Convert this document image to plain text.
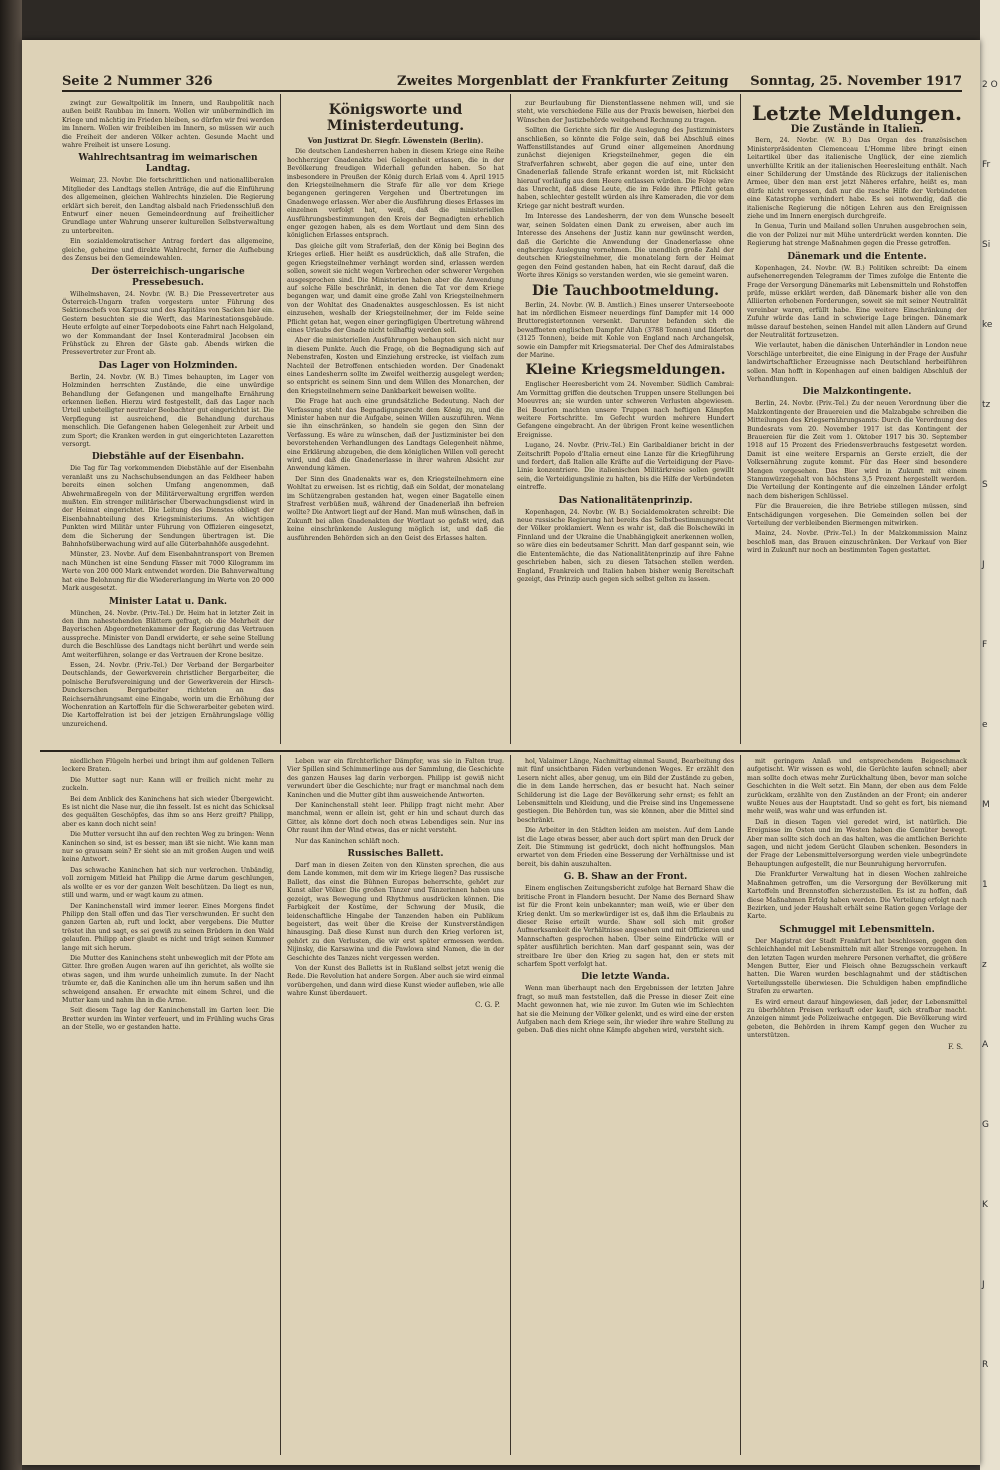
2 O
Fr
Si
ke
tz
S
J
F
e
M
1
z
A
G
K
J
R
Seite 2 Nummer 326	Zweites Morgenblatt der Frankfurter Zeitung Sonntag, 25. November 1917

zwingt zur Gewaltpolitik im Innern, und Raubpolitik nach außen beißt Raubbau im Innern. Wollen wir unübermindlich im Kriege und mächtig im Frieden bleiben, so dürfen wir frei werden im Innern. Wollen wir freibleiben im Innern, so müssen wir auch die Freiheit der anderen Völker achten. Gesunde Macht und wahre Freiheit ist unsere Losung.

Wahlrechtsantrag im weimarischen Landtag.

Weimar, 23. Novbr. Die fortschrittlichen und nationalliberalen Mitglieder des Landtags stellen Anträge, die auf die Einführung des allgemeinen, gleichen Wahlrechts hinzielen. Die Regierung erklärt sich bereit, den Landtag alsbald nach Friedensschluß den Entwurf einer neuen Gemeindeordnung auf freiheitlicher Grundlage unter Wahrung unserer kulturellen Selbstverwaltung zu unterbreiten.

Ein sozialdemokratischer Antrag fordert das allgemeine, gleiche, geheime und direkte Wahlrecht, ferner die Aufhebung des Zensus bei den Gemeindewahlen.

Der österreichisch-ungarische Pressebesuch.

Wilhelmshaven, 24. Novbr. (W. B.) Die Pressevertreter aus Österreich-Ungarn trafen vorgestern unter Führung des Sektionschefs von Karpusz und des Kapitäns von Sacken hier ein. Gestern besuchten sie die Werft, das Marinestationsgebäude. Heute erfolgte auf einer Torpedoboots eine Fahrt nach Helgoland, wo der Kommandant der Insel Konteradmiral Jacobsen ein Frühstück zu Ehren der Gäste gab. Abends wirken die Pressevertreter zur Front ab.

Das Lager von Holzminden.

Berlin, 24. Novbr. (W. B.) Times behaupten, im Lager von Holzminden herrschten Zustände, die eine unwürdige Behandlung der Gefangenen und mangelhafte Ernährung erkennen ließen. Hierzu wird festgestellt, daß das Lager nach Urteil unbeteiligter neutraler Beobachter gut eingerichtet ist. Die Verpflegung ist ausreichend, die Behandlung durchaus menschlich. Die Gefangenen haben Gelegenheit zur Arbeit und zum Sport; die Kranken werden in gut eingerichteten Lazaretten versorgt.

Diebstähle auf der Eisenbahn.

Die Tag für Tag vorkommenden Diebstähle auf der Eisenbahn veranlaßt uns zu Nachschubsendungen an das Feldheer haben bereits einen solchen Umfang angenommen, daß Abwehrmaßregeln von der Militärverwaltung ergriffen werden mußten. Ein strenger militärischer Überwachungsdienst wird in der Heimat eingerichtet. Die Leitung des Dienstes obliegt der Eisenbahnabteilung des Kriegsministeriums. An wichtigen Punkten wird Militär unter Führung von Offizieren eingesetzt, dem die Sicherung der Sendungen übertragen ist. Die Bahnhofsüberwachung wird auf alle Güterbahnhöfe ausgedehnt.

Münster, 23. Novbr. Auf dem Eisenbahntransport von Bremen nach München ist eine Sendung Fässer mit 7000 Kilogramm im Werte von 200 000 Mark entwendet worden. Die Bahnverwaltung hat eine Belohnung für die Wiedererlangung im Werte von 20 000 Mark ausgesetzt.

Minister Latat u. Dank.

München, 24. Novbr. (Priv.-Tel.) Dr. Heim hat in letzter Zeit in den ihm nahestehenden Blättern gefragt, ob die Mehrheit der Bayerischen Abgeordnetenkammer der Regierung das Vertrauen ausspreche. Minister von Dandl erwiderte, er sehe seine Stellung durch die Beschlüsse des Landtags nicht berührt und werde sein Amt weiterführen, solange er das Vertrauen der Krone besitze.

Essen, 24. Novbr. (Priv.-Tel.) Der Verband der Bergarbeiter Deutschlands, der Gewerkverein christlicher Bergarbeiter, die polnische Berufsvereinigung und der Gewerkverein der Hirsch-Dunckerschen Bergarbeiter richteten an das Reichsernährungsamt eine Eingabe, worin um die Erhöhung der Wochenration an Kartoffeln für die Schwerarbeiter gebeten wird. Die Kartoffelration ist bei der jetzigen Ernährungslage völlig unzureichend.

Königsworte und Ministerdeutung.
Von Justizrat Dr. Siegfr. Löwenstein (Berlin).

Die deutschen Landesherren haben in diesem Kriege eine Reihe hochherziger Gnadenakte bei Gelegenheit erlassen, die in der Bevölkerung freudigen Widerhall gefunden haben. So hat insbesondere in Preußen der König durch Erlaß vom 4. April 1915 den Kriegsteilnehmern die Strafe für alle vor dem Kriege begangenen geringeren Vergehen und Übertretungen im Gnadenwege erlassen. Wer aber die Ausführung dieses Erlasses im einzelnen verfolgt hat, weiß, daß die ministeriellen Ausführungsbestimmungen den Kreis der Begnadigten erheblich enger gezogen haben, als es dem Wortlaut und dem Sinn des königlichen Erlasses entsprach.

Das gleiche gilt vom Straferlaß, den der König bei Beginn des Krieges erließ. Hier heißt es ausdrücklich, daß alle Strafen, die gegen Kriegsteilnehmer verhängt worden sind, erlassen werden sollen, soweit sie nicht wegen Verbrechen oder schwerer Vergehen ausgesprochen sind. Die Ministerien haben aber die Anwendung auf solche Fälle beschränkt, in denen die Tat vor dem Kriege begangen war, und damit eine große Zahl von Kriegsteilnehmern von der Wohltat des Gnadenaktes ausgeschlossen. Es ist nicht einzusehen, weshalb der Kriegsteilnehmer, der im Felde seine Pflicht getan hat, wegen einer geringfügigen Übertretung während eines Urlaubs der Gnade nicht teilhaftig werden soll.

Aber die ministeriellen Ausführungen behaupten sich nicht nur in diesem Punkte. Auch die Frage, ob die Begnadigung sich auf Nebenstrafen, Kosten und Einziehung erstrecke, ist vielfach zum Nachteil der Betroffenen entschieden worden. Der Gnadenakt eines Landesherrn sollte im Zweifel weitherzig ausgelegt werden; so entspricht es seinem Sinn und dem Willen des Monarchen, der den Kriegsteilnehmern seine Dankbarkeit beweisen wollte.

Die Frage hat auch eine grundsätzliche Bedeutung. Nach der Verfassung steht das Begnadigungsrecht dem König zu, und die Minister haben nur die Aufgabe, seinen Willen auszuführen. Wenn sie ihn einschränken, so handeln sie gegen den Sinn der Verfassung. Es wäre zu wünschen, daß der Justizminister bei den bevorstehenden Verhandlungen des Landtags Gelegenheit nähme, eine Erklärung abzugeben, die dem königlichen Willen voll gerecht wird, und daß die Gnadenerlasse in ihrer wahren Absicht zur Anwendung kämen.

Der Sinn des Gnadenakts war es, den Kriegsteilnehmern eine Wohltat zu erweisen. Ist es richtig, daß ein Soldat, der monatelang im Schützengraben gestanden hat, wegen einer Bagatelle einen Strafrest verbüßen muß, während der Gnadenerlaß ihn befreien wollte? Die Antwort liegt auf der Hand. Man muß wünschen, daß in Zukunft bei allen Gnadenakten der Wortlaut so gefaßt wird, daß keine einschränkende Auslegung möglich ist, und daß die ausführenden Behörden sich an den Geist des Erlasses halten.

zur Beurlaubung für Dienstentlassene nehmen will, und sie steht, wie verschiedene Fälle aus der Praxis beweisen, hierbei den Wünschen der Justizbehörde weitgehend Rechnung zu tragen.

Sollten die Gerichte sich für die Auslegung des Justizministers anschließen, so könnte die Folge sein, daß bei Abschluß eines Waffenstillstandes auf Grund einer allgemeinen Anordnung zunächst diejenigen Kriegsteilnehmer, gegen die ein Strafverfahren schwebt, aber gegen die auf eine, unter den Gnadenerlaß fallende Strafe erkannt worden ist, mit Rücksicht hierauf vorläufig aus dem Heere entlassen würden. Die Folge wäre das Unrecht, daß diese Leute, die im Felde ihre Pflicht getan haben, schlechter gestellt würden als ihre Kameraden, die vor dem Kriege gar nicht bestraft wurden.

Im Interesse des Landesherrn, der von dem Wunsche beseelt war, seinen Soldaten einen Dank zu erweisen, aber auch im Interesse des Ansehens der Justiz kann nur gewünscht werden, daß die Gerichte die Anwendung der Gnadenerlasse ohne engherzige Auslegung vornehmen. Die unendlich große Zahl der deutschen Kriegsteilnehmer, die monatelang fern der Heimat gegen den Feind gestanden haben, hat ein Recht darauf, daß die Worte ihres Königs so verstanden werden, wie sie gemeint waren.

Die Tauchbootmeldung.

Berlin, 24. Novbr. (W. B. Amtlich.) Eines unserer Unterseeboote hat im nördlichen Eismeer neuerdings fünf Dampfer mit 14 000 Bruttoregistertonnen versenkt. Darunter befanden sich die bewaffneten englischen Dampfer Allah (3788 Tonnen) und Ilderton (3125 Tonnen), beide mit Kohle von England nach Archangelsk, sowie ein Dampfer mit Kriegsmaterial. Der Chef des Admiralstabes der Marine.

Kleine Kriegsmeldungen.

Englischer Heeresbericht vom 24. November. Südlich Cambrai: Am Vormittag griffen die deutschen Truppen unsere Stellungen bei Moeuvres an; sie wurden unter schweren Verlusten abgewiesen. Bei Bourlon machten unsere Truppen nach heftigen Kämpfen weitere Fortschritte. Im Gefecht wurden mehrere Hundert Gefangene eingebracht. An der übrigen Front keine wesentlichen Ereignisse.

Lugano, 24. Novbr. (Priv.-Tel.) Ein Garibaldianer bricht in der Zeitschrift Popolo d'Italia erneut eine Lanze für die Kriegführung und fordert, daß Italien alle Kräfte auf die Verteidigung der Piave-Linie konzentriere. Die italienischen Militärkreise sollen gewillt sein, die Verteidigungslinie zu halten, bis die Hilfe der Verbündeten eintreffe.

Das Nationalitätenprinzip.

Kopenhagen, 24. Novbr. (W. B.) Socialdemokraten schreibt: Die neue russische Regierung hat bereits das Selbstbestimmungsrecht der Völker proklamiert. Wenn es wahr ist, daß die Bolschewiki in Finnland und der Ukraine die Unabhängigkeit anerkennen wollen, so wäre dies ein bedeutsamer Schritt. Man darf gespannt sein, wie die Ententemächte, die das Nationalitätenprinzip auf ihre Fahne geschrieben haben, sich zu diesen Tatsachen stellen werden. England, Frankreich und Italien haben bisher wenig Bereitschaft gezeigt, das Prinzip auch gegen sich selbst gelten zu lassen.

Letzte Meldungen.
Die Zustände in Italien.

Bern, 24. Novbr. (W. B.) Das Organ des französischen Ministerpräsidenten Clemenceau L'Homme libre bringt einen Leitartikel über das italienische Unglück, der eine ziemlich unverhüllte Kritik an der italienischen Heeresleitung enthält. Nach einer Schilderung der Umstände des Rückzugs der italienischen Armee, über den man erst jetzt Näheres erfahre, heißt es, man dürfe nicht vergessen, daß nur die rasche Hilfe der Verbündeten eine Katastrophe verhindert habe. Es sei notwendig, daß die italienische Regierung die nötigen Lehren aus den Ereignissen ziehe und im Innern energisch durchgreife.

In Genua, Turin und Mailand sollen Unruhen ausgebrochen sein, die von der Polizei nur mit Mühe unterdrückt werden konnten. Die Regierung hat strenge Maßnahmen gegen die Presse getroffen.

Dänemark und die Entente.

Kopenhagen, 24. Novbr. (W. B.) Politiken schreibt: Da einem aufsehenerregenden Telegramm der Times zufolge die Entente die Frage der Versorgung Dänemarks mit Lebensmitteln und Rohstoffen prüfe, müsse erklärt werden, daß Dänemark bisher alle von den Alliierten erhobenen Forderungen, soweit sie mit seiner Neutralität vereinbar waren, erfüllt habe. Eine weitere Einschränkung der Zufuhr würde das Land in schwierige Lage bringen. Dänemark müsse darauf bestehen, seinen Handel mit allen Ländern auf Grund der Neutralität fortzusetzen.

Wie verlautet, haben die dänischen Unterhändler in London neue Vorschläge unterbreitet, die eine Einigung in der Frage der Ausfuhr landwirtschaftlicher Erzeugnisse nach Deutschland herbeiführen sollen. Man hofft in Kopenhagen auf einen baldigen Abschluß der Verhandlungen.

Die Malzkontingente.

Berlin, 24. Novbr. (Priv.-Tel.) Zu der neuen Verordnung über die Malzkontingente der Brauereien und die Malzabgabe schreiben die Mitteilungen des Kriegsernährungsamts: Durch die Verordnung des Bundesrats vom 20. November 1917 ist das Kontingent der Brauereien für die Zeit vom 1. Oktober 1917 bis 30. September 1918 auf 15 Prozent des Friedensverbrauchs festgesetzt worden. Damit ist eine weitere Ersparnis an Gerste erzielt, die der Volksernährung zugute kommt. Für das Heer sind besondere Mengen vorgesehen. Das Bier wird in Zukunft mit einem Stammwürzegehalt von höchstens 3,5 Prozent hergestellt werden. Die Verteilung der Kontingente auf die einzelnen Länder erfolgt nach dem bisherigen Schlüssel.

Für die Brauereien, die ihre Betriebe stillegen müssen, sind Entschädigungen vorgesehen. Die Gemeinden sollen bei der Verteilung der verbleibenden Biermengen mitwirken.

Mainz, 24. Novbr. (Priv.-Tel.) In der Malzkommission Mainz beschloß man, das Brauen einzuschränken. Der Verkauf von Bier wird in Zukunft nur noch an bestimmten Tagen gestattet.

niedlichen Flügeln herbei und bringt ihm auf goldenen Tellern leckere Braten.

Die Mutter sagt nur: Kann will er freilich nicht mehr zu zuckeln.

Bei dem Anblick des Kaninchens hat sich wieder Übergewicht. Es ist nicht die Nase nur, die ihn fesselt. Ist es nicht das Schicksal des gequälten Geschöpfes, das ihm so ans Herz greift? Philipp, aber es kann doch nicht sein!

Die Mutter versucht ihn auf den rechten Weg zu bringen: Wenn Kaninchen so sind, ist es besser, man ißt sie nicht. Wie kann man nur so grausam sein? Er sieht sie an mit großen Augen und weiß keine Antwort.

Das schwache Kaninchen hat sich nur verkrochen. Unbändig, voll zornigem Mitleid hat Philipp die Arme darum geschlungen, als wollte er es vor der ganzen Welt beschützen. Da liegt es nun, still und warm, und er wagt kaum zu atmen.

Der Kaninchenstall wird immer leerer. Eines Morgens findet Philipp den Stall offen und das Tier verschwunden. Er sucht den ganzen Garten ab, ruft und lockt, aber vergebens. Die Mutter tröstet ihn und sagt, es sei gewiß zu seinen Brüdern in den Wald gelaufen. Philipp aber glaubt es nicht und trägt seinen Kummer lange mit sich herum.

Die Mutter des Kaninchens steht unbeweglich mit der Pfote am Gitter. Ihre großen Augen waren auf ihn gerichtet, als wollte sie etwas sagen, und ihm wurde unheimlich zumute. In der Nacht träumte er, daß die Kaninchen alle um ihn herum saßen und ihn schweigend ansahen. Er erwachte mit einem Schrei, und die Mutter kam und nahm ihn in die Arme.

Seit diesem Tage lag der Kaninchenstall im Garten leer. Die Bretter wurden im Winter verfeuert, und im Frühling wuchs Gras an der Stelle, wo er gestanden hatte.

Leben war ein fürchterlicher Dämpfer, was sie in Falten trug. Vier Spillen sind Schimmerlinge aus der Sammlung, die Geschichte des ganzen Hauses lag darin verborgen. Philipp ist gewiß nicht verwundert über die Geschichte; nur fragt er manchmal nach dem Kaninchen und die Mutter gibt ihm ausweichende Antworten.

Der Kaninchenstall steht leer. Philipp fragt nicht mehr. Aber manchmal, wenn er allein ist, geht er hin und schaut durch das Gitter, als könne dort doch noch etwas Lebendiges sein. Nur ins Ohr raunt ihm der Wind etwas, das er nicht versteht.

Nur das Kaninchen schläft noch.

Russisches Ballett.

Darf man in diesen Zeiten von den Künsten sprechen, die aus dem Lande kommen, mit dem wir im Kriege liegen? Das russische Ballett, das einst die Bühnen Europas beherrschte, gehört zur Kunst aller Völker. Die großen Tänzer und Tänzerinnen haben uns gezeigt, was Bewegung und Rhythmus ausdrücken können. Die Farbigkeit der Kostüme, der Schwung der Musik, die leidenschaftliche Hingabe der Tanzenden haben ein Publikum begeistert, das weit über die Kreise der Kunstverständigen hinausging. Daß diese Kunst nun durch den Krieg verloren ist, gehört zu den Verlusten, die wir erst später ermessen werden. Nijinsky, die Karsawina und die Pawlowa sind Namen, die in der Geschichte des Tanzes nicht vergessen werden.

Von der Kunst des Balletts ist in Rußland selbst jetzt wenig die Rede. Die Revolution hat andere Sorgen. Aber auch sie wird einmal vorübergehen, und dann wird diese Kunst wieder aufleben, wie alle wahre Kunst überdauert.

C. G. P.

hol, Valaimer Länge, Nachmittag einmal Saund, Bearbeitung des mit fünf unsichtbaren Fäden verbundenen Weges. Er erzählt den Lesern nicht alles, aber genug, um ein Bild der Zustände zu geben, die in dem Lande herrschen, das er besucht hat. Nach seiner Schilderung ist die Lage der Bevölkerung sehr ernst; es fehlt an Lebensmitteln und Kleidung, und die Preise sind ins Ungemessene gestiegen. Die Behörden tun, was sie können, aber die Mittel sind beschränkt.

Die Arbeiter in den Städten leiden am meisten. Auf dem Lande ist die Lage etwas besser, aber auch dort spürt man den Druck der Zeit. Die Stimmung ist gedrückt, doch nicht hoffnungslos. Man erwartet von dem Frieden eine Besserung der Verhältnisse und ist bereit, bis dahin auszuhalten.

G. B. Shaw an der Front.

Einem englischen Zeitungsbericht zufolge hat Bernard Shaw die britische Front in Flandern besucht. Der Name des Bernard Shaw ist für die Front kein unbekannter; man weiß, wie er über den Krieg denkt. Um so merkwürdiger ist es, daß ihm die Erlaubnis zu dieser Reise erteilt wurde. Shaw soll sich mit großer Aufmerksamkeit die Verhältnisse angesehen und mit Offizieren und Mannschaften gesprochen haben. Über seine Eindrücke will er später ausführlich berichten. Man darf gespannt sein, was der streitbare Ire über den Krieg zu sagen hat, den er stets mit scharfem Spott verfolgt hat.

Die letzte Wanda.

Wenn man überhaupt nach den Ergebnissen der letzten Jahre fragt, so muß man feststellen, daß die Presse in dieser Zeit eine Macht gewonnen hat, wie nie zuvor. Im Guten wie im Schlechten hat sie die Meinung der Völker gelenkt, und es wird eine der ersten Aufgaben nach dem Kriege sein, ihr wieder ihre wahre Stellung zu geben. Daß dies nicht ohne Kämpfe abgehen wird, versteht sich.

mit geringem Anlaß und entsprechendem Beigeschmack aufgetischt. Wir wissen es wohl, die Gerüchte laufen schnell; aber man sollte doch etwas mehr Zurückhaltung üben, bevor man solche Geschichten in die Welt setzt. Ein Mann, der eben aus dem Felde zurückkam, erzählte von den Zuständen an der Front; ein anderer wußte Neues aus der Hauptstadt. Und so geht es fort, bis niemand mehr weiß, was wahr und was erfunden ist.

Daß in diesen Tagen viel geredet wird, ist natürlich. Die Ereignisse im Osten und im Westen haben die Gemüter bewegt. Aber man sollte sich doch an das halten, was die amtlichen Berichte sagen, und nicht jedem Gerücht Glauben schenken. Besonders in der Frage der Lebensmittelversorgung werden viele unbegründete Behauptungen aufgestellt, die nur Beunruhigung hervorrufen.

Die Frankfurter Verwaltung hat in diesen Wochen zahlreiche Maßnahmen getroffen, um die Versorgung der Bevölkerung mit Kartoffeln und Brennstoffen sicherzustellen. Es ist zu hoffen, daß diese Maßnahmen Erfolg haben werden. Die Verteilung erfolgt nach Bezirken, und jeder Haushalt erhält seine Ration gegen Vorlage der Karte.

Schmuggel mit Lebensmitteln.

Der Magistrat der Stadt Frankfurt hat beschlossen, gegen den Schleichhandel mit Lebensmitteln mit aller Strenge vorzugehen. In den letzten Tagen wurden mehrere Personen verhaftet, die größere Mengen Butter, Eier und Fleisch ohne Bezugsschein verkauft hatten. Die Waren wurden beschlagnahmt und der städtischen Verteilungsstelle überwiesen. Die Schuldigen haben empfindliche Strafen zu erwarten.

Es wird erneut darauf hingewiesen, daß jeder, der Lebensmittel zu überhöhten Preisen verkauft oder kauft, sich strafbar macht. Anzeigen nimmt jede Polizeiwache entgegen. Die Bevölkerung wird gebeten, die Behörden in ihrem Kampf gegen den Wucher zu unterstützen.

F. S.
